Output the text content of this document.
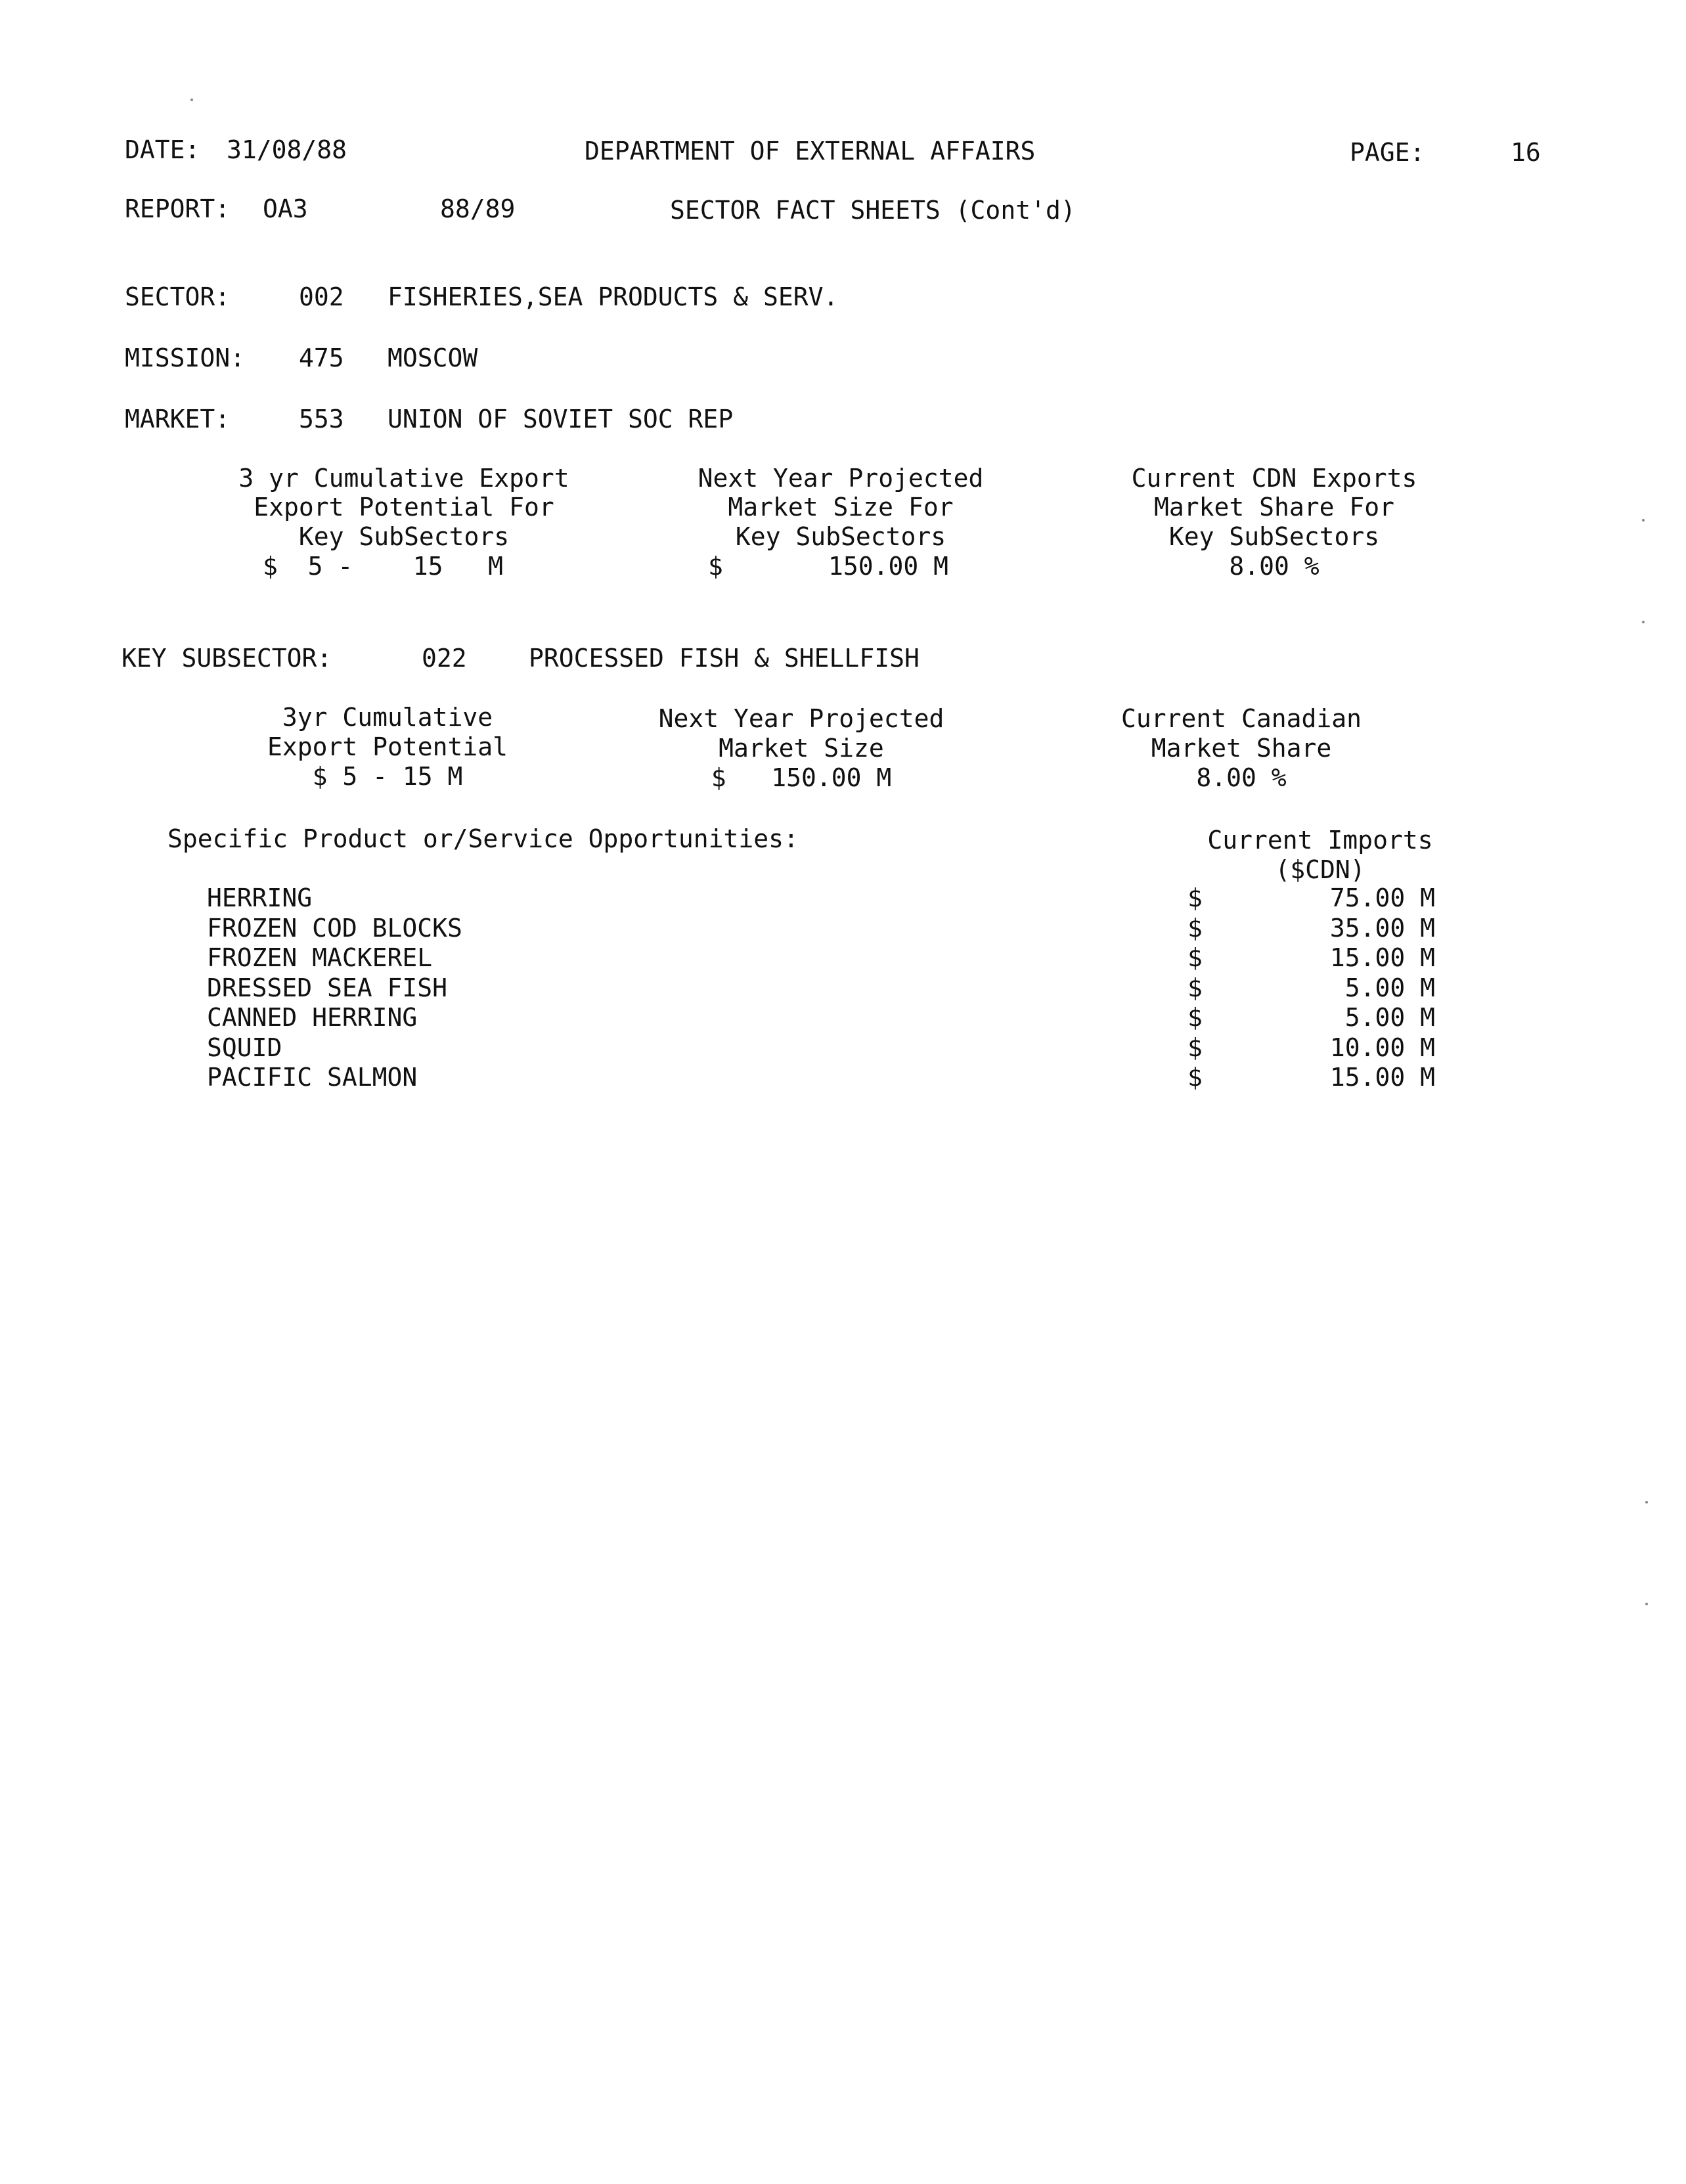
DATE: 31/08/88	DEPARTMENT OF EXTERNAL AFFAIRS	PAGE:	16
REPORT: OA3	88/89	SECTOR FACT SHEETS (Cont'd)
SECTOR:	002 FISHERIES,SEA PRODUCTS & SERV.
MISSION: 475 MOSCOW
MARKET:	553 UNION OF SOVIET SOC REP
3 yr Cumulative Export
Export Potential For
Key SubSectors
$  5 -    15   M
Next Year Projected
Market Size For
Key SubSectors
$       150.00 M
Current CDN Exports
Market Share For
Key SubSectors
8.00 %
KEY SUBSECTOR:	022 PROCESSED FISH & SHELLFISH
3yr Cumulative
Export Potential
$ 5 - 15 M
Next Year Projected
Market Size
$   150.00 M
Current Canadian
Market Share
8.00 %
Specific Product or/Service Opportunities:	Current Imports
($CDN)
HERRING	$	75.00 M
FROZEN COD BLOCKS	$	35.00 M
FROZEN MACKEREL	$	15.00 M
DRESSED SEA FISH	$	5.00 M
CANNED HERRING	$	5.00 M
SQUID	$	10.00 M
PACIFIC SALMON	$	15.00 M
